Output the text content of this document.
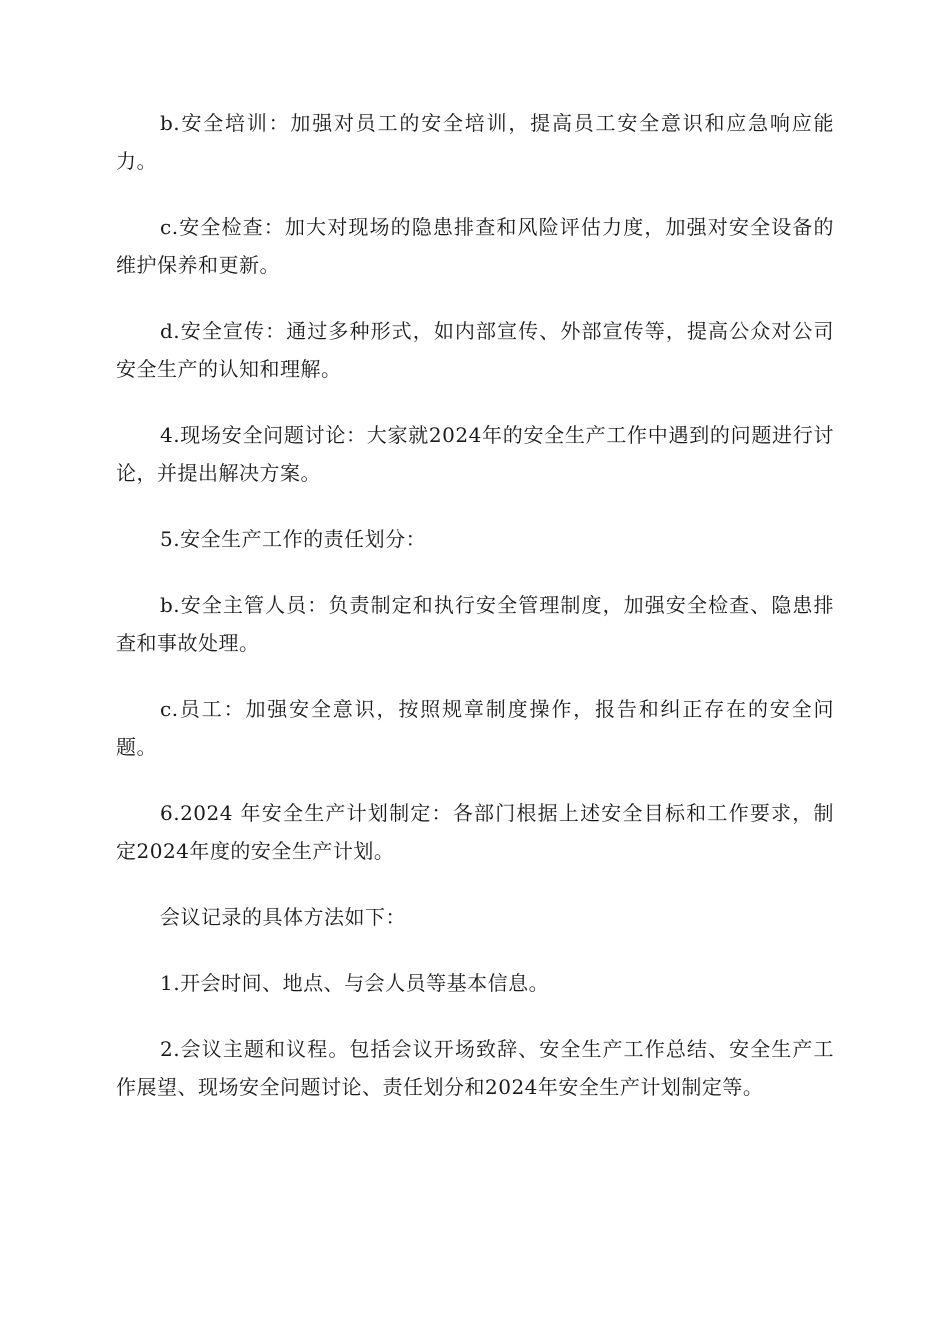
b.安全培训：加强对员工的安全培训，提高员工安全意识和应急响应能力。

c.安全检查：加大对现场的隐患排查和风险评估力度，加强对安全设备的维护保养和更新。

d.安全宣传：通过多种形式，如内部宣传、外部宣传等，提高公众对公司安全生产的认知和理解。

4.现场安全问题讨论：大家就2024年的安全生产工作中遇到的问题进行讨论，并提出解决方案。

5.安全生产工作的责任划分：

b.安全主管人员：负责制定和执行安全管理制度，加强安全检查、隐患排查和事故处理。

c.员工：加强安全意识，按照规章制度操作，报告和纠正存在的安全问题。

6.2024 年安全生产计划制定：各部门根据上述安全目标和工作要求，制定2024年度的安全生产计划。

会议记录的具体方法如下：

1.开会时间、地点、与会人员等基本信息。

2.会议主题和议程。包括会议开场致辞、安全生产工作总结、安全生产工作展望、现场安全问题讨论、责任划分和2024年安全生产计划制定等。
